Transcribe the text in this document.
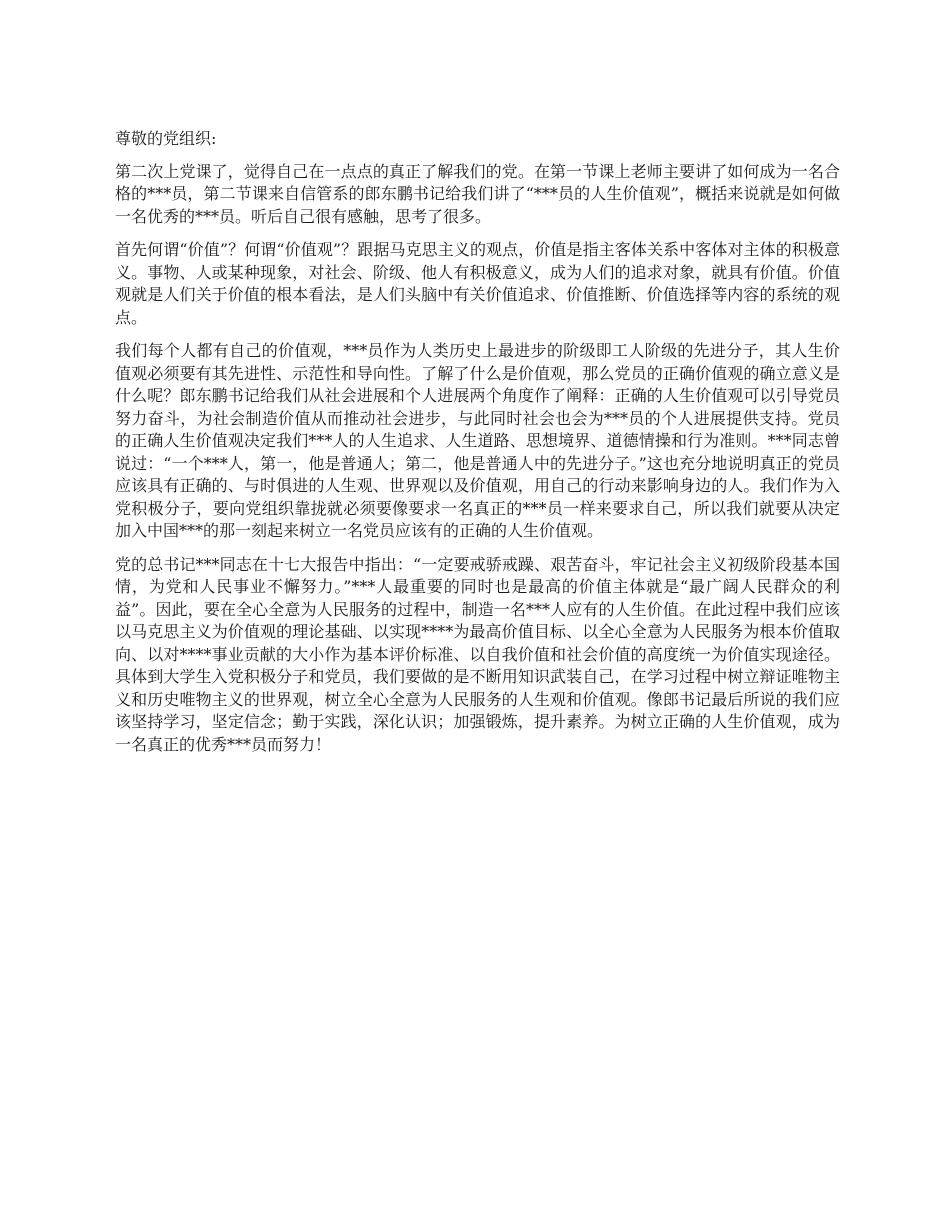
尊敬的党组织:

第二次上党课了，觉得自己在一点点的真正了解我们的党。在第一节课上老师主要讲了如何成为一名合格的***员，第二节课来自信管系的郎东鹏书记给我们讲了“***员的人生价值观”，概括来说就是如何做一名优秀的***员。听后自己很有感触，思考了很多。

首先何谓“价值”？何谓“价值观”？跟据马克思主义的观点，价值是指主客体关系中客体对主体的积极意义。事物、人或某种现象，对社会、阶级、他人有积极意义，成为人们的追求对象，就具有价值。价值观就是人们关于价值的根本看法，是人们头脑中有关价值追求、价值推断、价值选择等内容的系统的观点。

我们每个人都有自己的价值观，***员作为人类历史上最进步的阶级即工人阶级的先进分子，其人生价值观必须要有其先进性、示范性和导向性。了解了什么是价值观，那么党员的正确价值观的确立意义是什么呢？郎东鹏书记给我们从社会进展和个人进展两个角度作了阐释：正确的人生价值观可以引导党员努力奋斗，为社会制造价值从而推动社会进步，与此同时社会也会为***员的个人进展提供支持。党员的正确人生价值观决定我们***人的人生追求、人生道路、思想境界、道德情操和行为准则。***同志曾说过：“一个***人，第一，他是普通人；第二，他是普通人中的先进分子。”这也充分地说明真正的党员应该具有正确的、与时俱进的人生观、世界观以及价值观，用自己的行动来影响身边的人。我们作为入党积极分子，要向党组织靠拢就必须要像要求一名真正的***员一样来要求自己，所以我们就要从决定加入中国***的那一刻起来树立一名党员应该有的正确的人生价值观。

党的总书记***同志在十七大报告中指出：“一定要戒骄戒躁、艰苦奋斗，牢记社会主义初级阶段基本国情，为党和人民事业不懈努力。”***人最重要的同时也是最高的价值主体就是“最广阔人民群众的利益”。因此，要在全心全意为人民服务的过程中，制造一名***人应有的人生价值。在此过程中我们应该以马克思主义为价值观的理论基础、以实现****为最高价值目标、以全心全意为人民服务为根本价值取向、以对****事业贡献的大小作为基本评价标准、以自我价值和社会价值的高度统一为价值实现途径。具体到大学生入党积极分子和党员，我们要做的是不断用知识武装自己，在学习过程中树立辩证唯物主义和历史唯物主义的世界观，树立全心全意为人民服务的人生观和价值观。像郎书记最后所说的我们应该坚持学习，坚定信念；勤于实践，深化认识；加强锻炼，提升素养。为树立正确的人生价值观，成为一名真正的优秀***员而努力！
